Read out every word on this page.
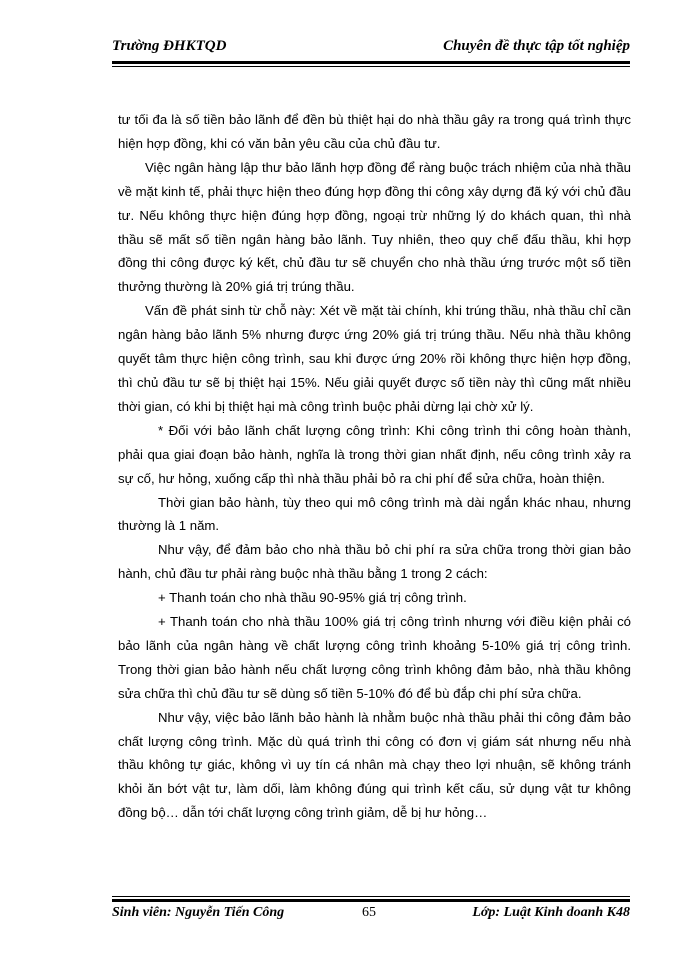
Trường ĐHKTQD	Chuyên đề thực tập tốt nghiệp

tư tối đa là số tiền bảo lãnh để đền bù thiệt hại do nhà thầu gây ra trong quá trình thực hiện hợp đồng, khi có văn bản yêu cầu của chủ đầu tư.

Việc ngân hàng lập thư bảo lãnh hợp đồng để ràng buộc trách nhiệm của nhà thầu về mặt kinh tế, phải thực hiện theo đúng hợp đồng thi công xây dựng đã ký với chủ đầu tư. Nếu không thực hiện đúng hợp đồng, ngoại trừ những lý do khách quan, thì nhà thầu sẽ mất số tiền ngân hàng bảo lãnh. Tuy nhiên, theo quy chế đấu thầu, khi hợp đồng thi công được ký kết, chủ đầu tư sẽ chuyển cho nhà thầu ứng trước một số tiền thưởng thường là 20% giá trị trúng thầu.

Vấn đề phát sinh từ chỗ này: Xét về mặt tài chính, khi trúng thầu, nhà thầu chỉ cần ngân hàng bảo lãnh 5% nhưng được ứng 20% giá trị trúng thầu. Nếu nhà thầu không quyết tâm thực hiện công trình, sau khi được ứng 20% rồi không thực hiện hợp đồng, thì chủ đầu tư sẽ bị thiệt hại 15%. Nếu giải quyết được số tiền này thì cũng mất nhiều thời gian, có khi bị thiệt hại mà công trình buộc phải dừng lại chờ xử lý.

* Đối với bảo lãnh chất lượng công trình: Khi công trình thi công hoàn thành, phải qua giai đoạn bảo hành, nghĩa là trong thời gian nhất định, nếu công trình xảy ra sự cố, hư hỏng, xuống cấp thì nhà thầu phải bỏ ra chi phí để sửa chữa, hoàn thiện.

Thời gian bảo hành, tùy theo qui mô công trình mà dài ngắn khác nhau, nhưng thường là 1 năm.

Như vậy, để đảm bảo cho nhà thầu bỏ chi phí ra sửa chữa trong thời gian bảo hành, chủ đầu tư phải ràng buộc nhà thầu bằng 1 trong 2 cách:

+ Thanh toán cho nhà thầu 90-95% giá trị công trình.

+ Thanh toán cho nhà thầu 100% giá trị công trình nhưng với điều kiện phải có bảo lãnh của ngân hàng về chất lượng công trình khoảng 5-10% giá trị công trình. Trong thời gian bảo hành nếu chất lượng công trình không đảm bảo, nhà thầu không sửa chữa thì chủ đầu tư sẽ dùng số tiền 5-10% đó để bù đắp chi phí sửa chữa.

Như vậy, việc bảo lãnh bảo hành là nhằm buộc nhà thầu phải thi công đảm bảo chất lượng công trình. Mặc dù quá trình thi công có đơn vị giám sát nhưng nếu nhà thầu không tự giác, không vì uy tín cá nhân mà chạy theo lợi nhuận, sẽ không tránh khỏi ăn bớt vật tư, làm dối, làm không đúng qui trình kết cấu, sử dụng vật tư không đồng bộ… dẫn tới chất lượng công trình giảm, dễ bị hư hỏng…

Sinh viên: Nguyễn Tiến Công	65	Lớp: Luật Kinh doanh K48
